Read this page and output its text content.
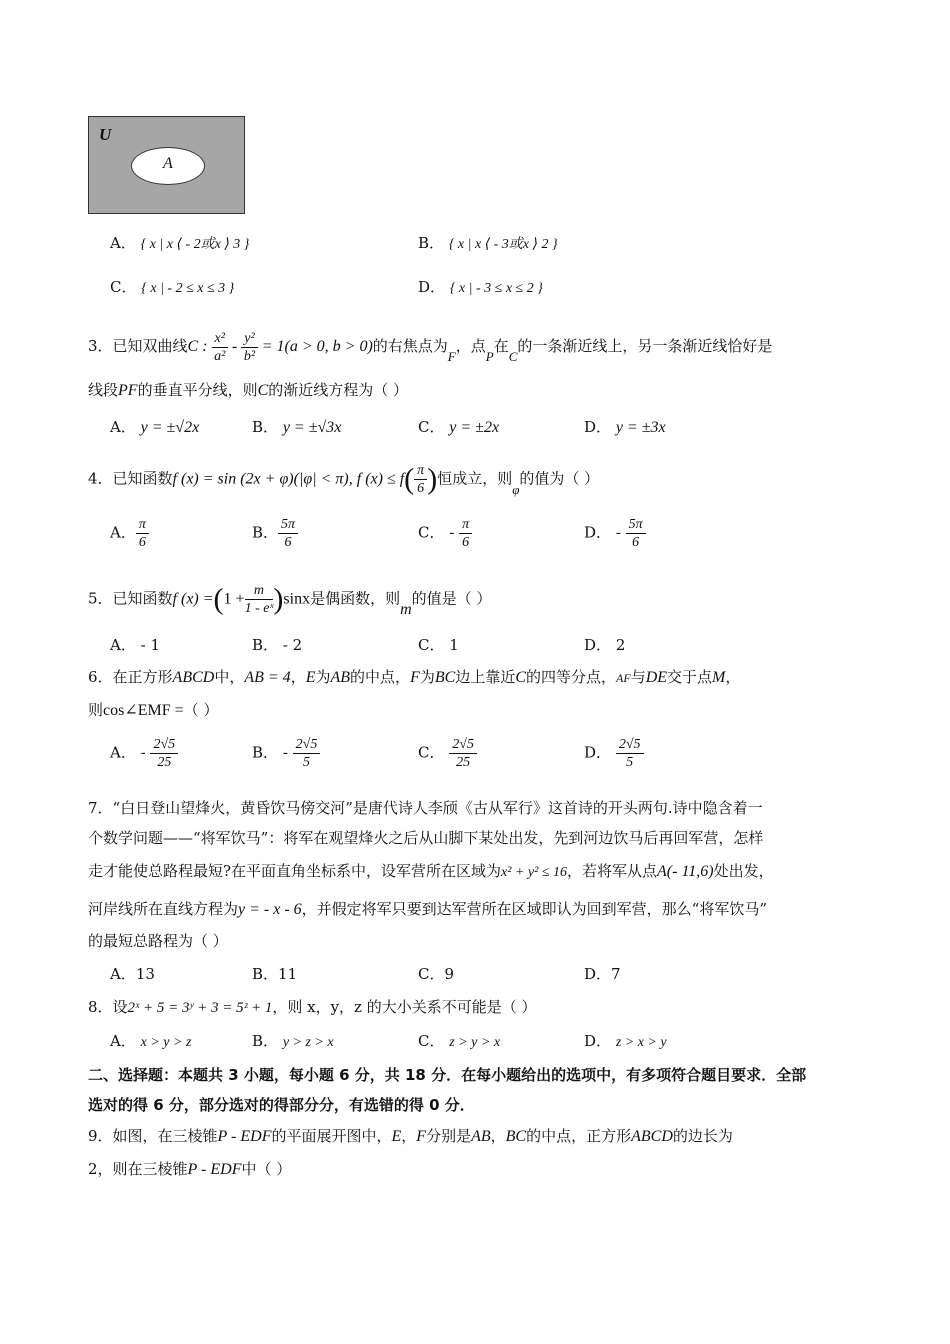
U
A
A． { x | x ⟨ - 2或x ⟩ 3 }	B． { x | x ⟨ - 3或x ⟩ 2 }
C． { x | - 2 ≤ x ≤ 3 }	D． { x | - 3 ≤ x ≤ 2 }
3．已知双曲线C : $\frac{\text{x²}}{\text{a²}} - \frac{\text{y²}}{\text{b²}} = 1(a > 0$, b > 0)的右焦点为F，点P在C的一条渐近线上，另一条渐近线恰好是
线段PF的垂直平分线，则C的渐近线方程为（ ）
A． y = ±√2x	B． y = ±√3x	C． y = ±2x	D． y = ±3x
4．已知函数f (x) = sin (2x + φ)(|φ| < π), f $(x) \le f( \frac{\pi}{6}$ )恒成立，则φ的值为（ ）
A． $\frac{\pi}{6}$	B． $\frac{5\pi}{6}$	C． - $\frac{\pi}{6}$	D． - $\frac{5\pi}{6}$
5．已知函数f $(x) =(1 + \frac{m}{\text{1 - eˣ}} )\sin x$是偶函数，则m的值是（ ）
A． - 1	B． - 2	C． 1	D． 2
6．在正方形ABCD中，AB = 4，E为AB的中点，F为BC边上靠近C的四等分点，AF与DE交于点M，
则cos∠EMF =（ ）
A． - $\frac{2√5}{25}$	B． - $\frac{2√5}{5}$	C． $\frac{2√5}{25}$	D． $\frac{2√5}{5}$
7．“白日登山望烽火，黄昏饮马傍交河”是唐代诗人李颀《古从军行》这首诗的开头两句.诗中隐含着一
个数学问题——“将军饮马”：将军在观望烽火之后从山脚下某处出发，先到河边饮马后再回军营，怎样
走才能使总路程最短?在平面直角坐标系中，设军营所在区域为x² + y² ≤ 16，若将军从点A(- 11,6)处出发，
河岸线所在直线方程为y = - x - 6，并假定将军只要到达军营所在区域即认为回到军营，那么“将军饮马”
的最短总路程为（ ）
A．13	B．11	C．9	D．7
8．设2ˣ + 5 = 3ʸ + 3 = 5ᶻ + 1，则 x，y，z 的大小关系不可能是（ ）
A． x > y > z	B． y > z > x	C． z > y > x	D． z > x > y
二、选择题：本题共 3 小题，每小题 6 分，共 18 分．在每小题给出的选项中，有多项符合题目要求．全部
选对的得 6 分，部分选对的得部分分，有选错的得 0 分．
9．如图，在三棱锥P - EDF的平面展开图中，E，F分别是AB，BC的中点，正方形ABCD的边长为
2，则在三棱锥P - EDF中（ ）
